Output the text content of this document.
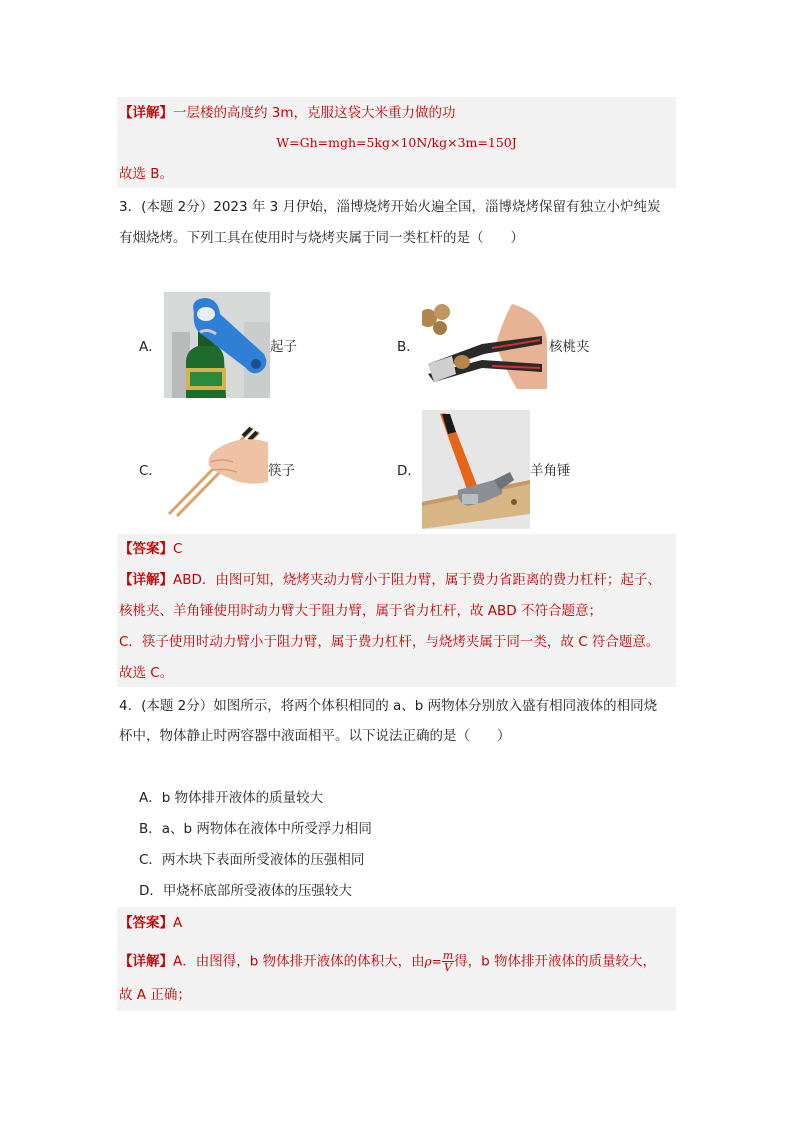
【详解】一层楼的高度约 3m，克服这袋大米重力做的功
W=Gh=mgh=5kg×10N/kg×3m=150J
故选 B。
3．(本题 2分）2023 年 3 月伊始，淄博烧烤开始火遍全国，淄博烧烤保留有独立小炉纯炭
有烟烧烤。下列工具在使用时与烧烤夹属于同一类杠杆的是（　　）
A．	起子	B．	核桃夹
C．	筷子	D．	羊角锤
【答案】C
【详解】ABD．由图可知，烧烤夹动力臂小于阻力臂，属于费力省距离的费力杠杆；起子、
核桃夹、羊角锤使用时动力臂大于阻力臂，属于省力杠杆，故 ABD 不符合题意；
C．筷子使用时动力臂小于阻力臂，属于费力杠杆，与烧烤夹属于同一类，故 C 符合题意。
故选 C。
4．(本题 2分）如图所示，将两个体积相同的 a、b 两物体分别放入盛有相同液体的相同烧
杯中，物体静止时两容器中液面相平。以下说法正确的是（　　）
A．b 物体排开液体的质量较大
B．a、b 两物体在液体中所受浮力相同
C．两木块下表面所受液体的压强相同
D．甲烧杯底部所受液体的压强较大
【答案】A
【详解】A．由图得，b 物体排开液体的体积大，由$\rho= \frac{m}{V}$得，b 物体排开液体的质量较大，
故 A 正确；
